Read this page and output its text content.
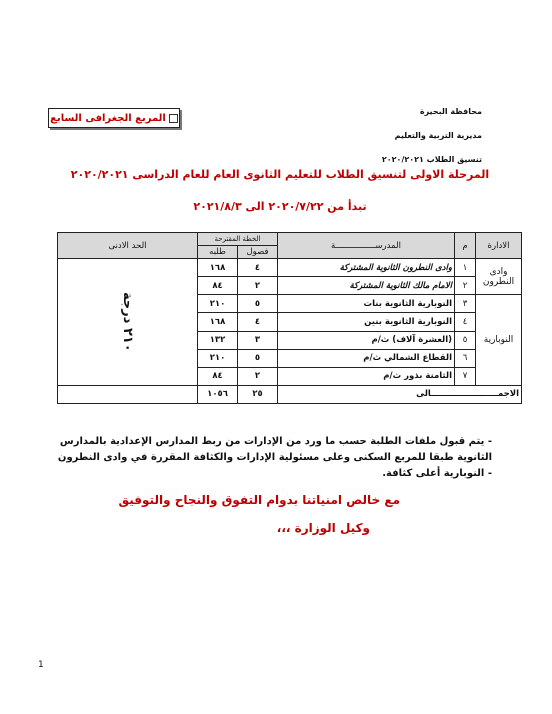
محافظة البحيرة
مديرية التربية والتعليم
تنسيق الطلاب ٢٠٢٠/٢٠٢١
المربع الجغرافى السابع
المرحلة الاولى لتنسيق الطلاب للتعليم الثانوى العام للعام الدراسى ٢٠٢٠/٢٠٢١
تبدأ من ٢٠٢٠/٧/٢٢ الى ٢٠٢١/٨/٣
الادارة	م	المدرســــــــــــــــة	الخطة المقترحة		الحد الادنى
			فصول	طلبه	
وادى النطرون	١	وادى النطرون الثانوية المشتركة	٤	١٦٨	٢١٠ درجة
	٢	الامام مالك الثانوية المشتركة	٢	٨٤	
النوبارية	٣	النوبارية الثانوية بنات	٥	٢١٠	
	٤	النوبارية الثانوية بنين	٤	١٦٨	
	٥	(العشرة آلاف) ث/م	٣	١٣٢	
	٦	القطاع الشمالي ث/م	٥	٢١٠	
	٧	الثامنة بذور ث/م	٢	٨٤	
الاجمـــــــــــــــــــــــالى			٢٥	١٠٥٦	
- يتم قبول ملفات الطلبة حسب ما ورد من الإدارات من ربط المدارس الإعدادية بالمدارس الثانوية طبقا للمربع السكنى وعلى مسئولية الإدارات والكثافة المقررة في وادى النطرون - النوبارية أعلى كثافة.
مع خالص امنياتنا بدوام التفوق والنجاح والتوفيق
وكيل الوزارة ،،،
1
